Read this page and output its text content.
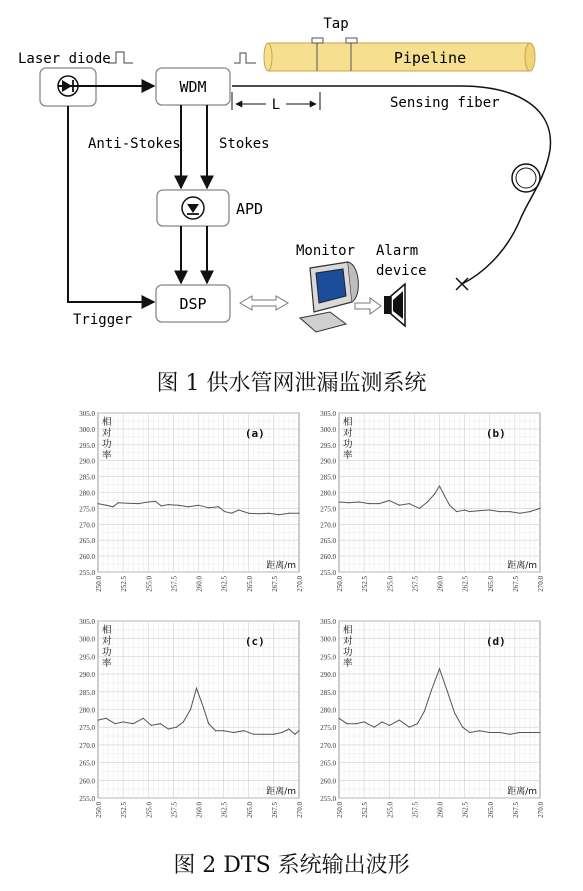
Laser diode
WDM
Pipeline
Tap
Sensing fiber
L
Anti-Stokes	Stokes
APD
Trigger
DSP
Monitor Alarm
device
图 1 供水管网泄漏监测系统
255.0
260.0
265.0
270.0
275.0
280.0
285.0
290.0
295.0
300.0
305.0
250.0 252.5 255.0 257.5 260.0 262.5 265.0 267.5 270.0
相
对
功
率
距离/m
(a)
255.0
260.0
265.0
270.0
275.0
280.0
285.0
290.0
295.0
300.0
305.0
250.0 252.5 255.0 257.5 260.0 262.5 265.0 267.5 270.0
相
对
功
率
距离/m
(b)
255.0
260.0
265.0
270.0
275.0
280.0
285.0
290.0
295.0
300.0
305.0
250.0 252.5 255.0 257.5 260.0 262.5 265.0 267.5 270.0
相
对
功
率
距离/m
(c)
255.0
260.0
265.0
270.0
275.0
280.0
285.0
290.0
295.0
300.0
305.0
250.0 252.5 255.0 257.5 260.0 262.5 265.0 267.5 270.0
相
对
功
率
距离/m
(d)
图 2 DTS 系统输出波形
